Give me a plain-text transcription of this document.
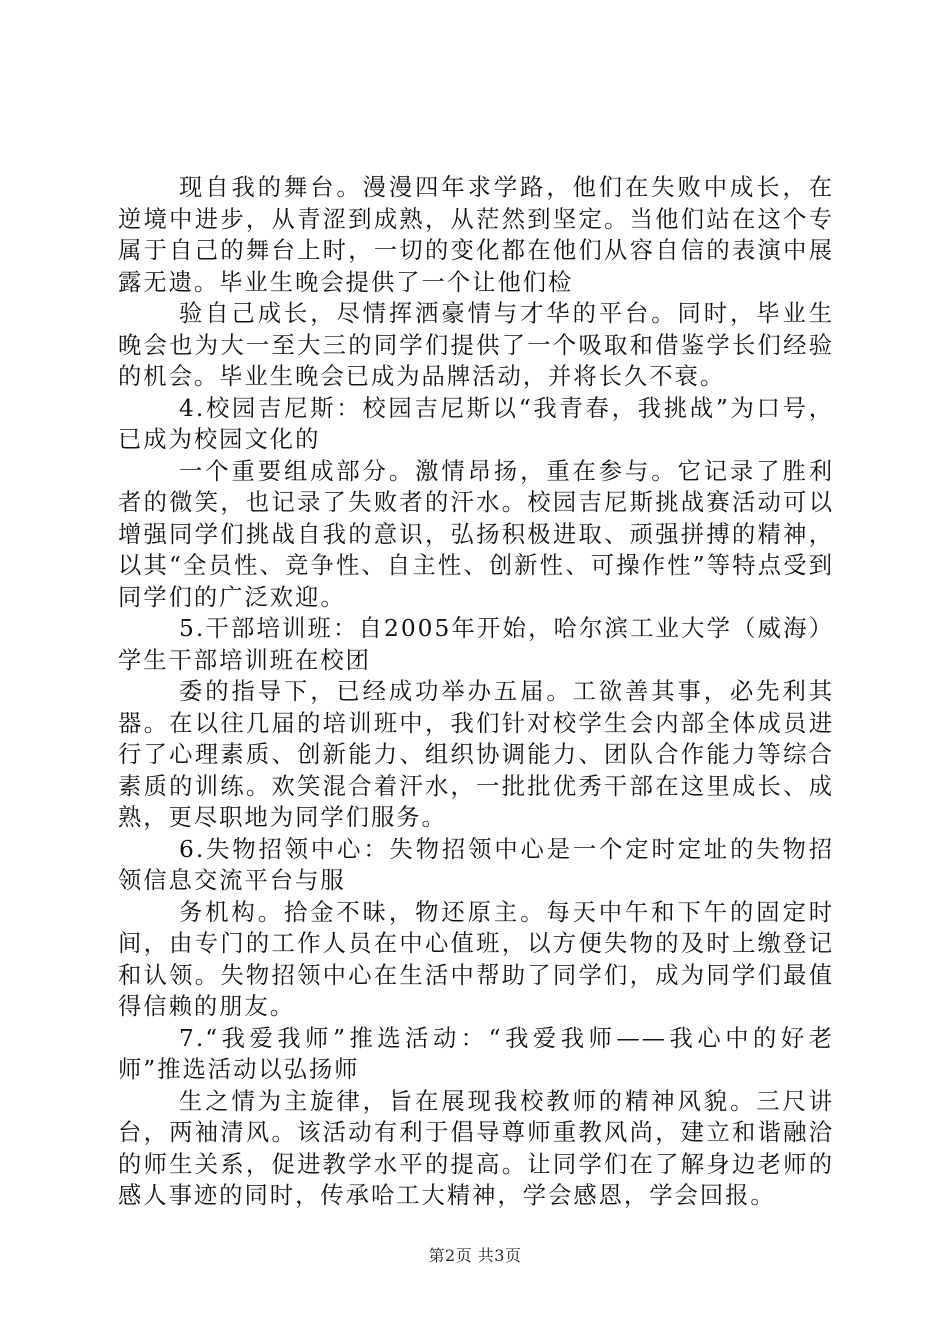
现自我的舞台。漫漫四年求学路，他们在失败中成长，在逆境中进步，从青涩到成熟，从茫然到坚定。当他们站在这个专属于自己的舞台上时，一切的变化都在他们从容自信的表演中展露无遗。毕业生晚会提供了一个让他们检

验自己成长，尽情挥洒豪情与才华的平台。同时，毕业生晚会也为大一至大三的同学们提供了一个吸取和借鉴学长们经验的机会。毕业生晚会已成为品牌活动，并将长久不衰。

4.校园吉尼斯：校园吉尼斯以“我青春，我挑战”为口号，已成为校园文化的

一个重要组成部分。激情昂扬，重在参与。它记录了胜利者的微笑，也记录了失败者的汗水。校园吉尼斯挑战赛活动可以增强同学们挑战自我的意识，弘扬积极进取、顽强拼搏的精神，以其“全员性、竞争性、自主性、创新性、可操作性”等特点受到同学们的广泛欢迎。

5.干部培训班：自2005年开始，哈尔滨工业大学（威海）学生干部培训班在校团

委的指导下，已经成功举办五届。工欲善其事，必先利其器。在以往几届的培训班中，我们针对校学生会内部全体成员进行了心理素质、创新能力、组织协调能力、团队合作能力等综合素质的训练。欢笑混合着汗水，一批批优秀干部在这里成长、成熟，更尽职地为同学们服务。

6.失物招领中心：失物招领中心是一个定时定址的失物招领信息交流平台与服

务机构。拾金不昧，物还原主。每天中午和下午的固定时间，由专门的工作人员在中心值班，以方便失物的及时上缴登记和认领。失物招领中心在生活中帮助了同学们，成为同学们最值得信赖的朋友。

7.“我爱我师”推选活动：“我爱我师——我心中的好老师”推选活动以弘扬师

生之情为主旋律，旨在展现我校教师的精神风貌。三尺讲台，两袖清风。该活动有利于倡导尊师重教风尚，建立和谐融洽的师生关系，促进教学水平的提高。让同学们在了解身边老师的感人事迹的同时，传承哈工大精神，学会感恩，学会回报。

第2页 共3页
